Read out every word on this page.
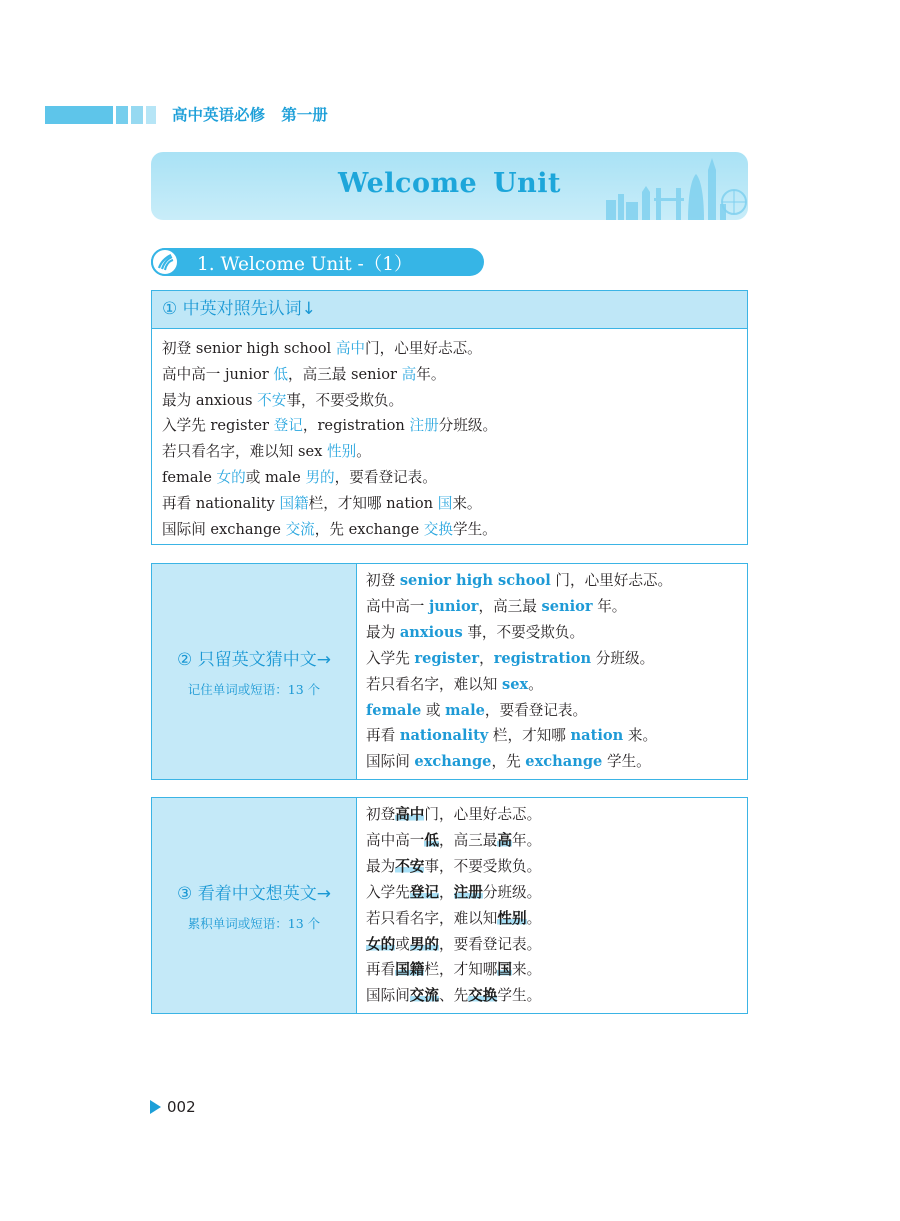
高中英语必修   第一册
Welcome Unit
1. Welcome Unit -（1）
① 中英对照先认词↓
初登 senior high school 高中门，心里好忐忑。
高中高一 junior 低，高三最 senior 高年。
最为 anxious 不安事，不要受欺负。
入学先 register 登记，registration 注册分班级。
若只看名字，难以知 sex 性别。
female 女的或 male 男的，要看登记表。
再看 nationality 国籍栏，才知哪 nation 国来。
国际间 exchange 交流，先 exchange 交换学生。
② 只留英文猜中文→
记住单词或短语：13 个
初登 senior high school 门，心里好忐忑。
高中高一 junior，高三最 senior 年。
最为 anxious 事，不要受欺负。
入学先 register，registration 分班级。
若只看名字，难以知 sex。
female 或 male，要看登记表。
再看 nationality 栏，才知哪 nation 来。
国际间 exchange，先 exchange 学生。
③ 看着中文想英文→
累积单词或短语：13 个
初登高中门，心里好忐忑。
高中高一低，高三最高年。
最为不安事，不要受欺负。
入学先登记，注册分班级。
若只看名字，难以知性别。
女的或男的，要看登记表。
再看国籍栏，才知哪国来。
国际间交流、先交换学生。
002
